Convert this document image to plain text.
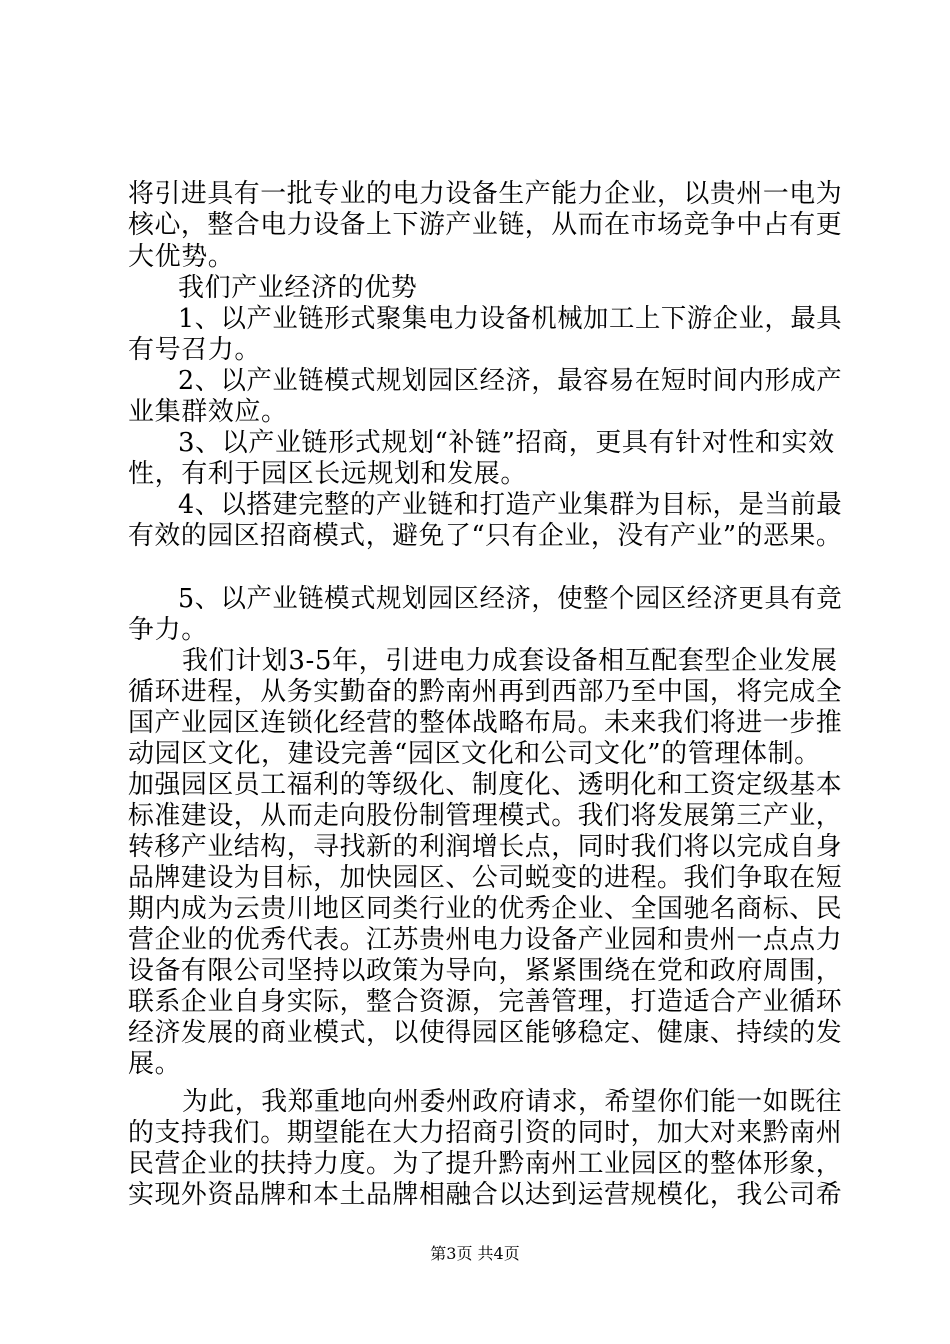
将引进具有一批专业的电力设备生产能力企业，以贵州一电为
核心，整合电力设备上下游产业链，从而在市场竞争中占有更
大优势。
我们产业经济的优势
1、以产业链形式聚集电力设备机械加工上下游企业，最具
有号召力。
2、以产业链模式规划园区经济，最容易在短时间内形成产
业集群效应。
3、以产业链形式规划“补链”招商，更具有针对性和实效
性，有利于园区长远规划和发展。
4、以搭建完整的产业链和打造产业集群为目标，是当前最
有效的园区招商模式，避免了“只有企业，没有产业”的恶果。
5、以产业链模式规划园区经济，使整个园区经济更具有竞
争力。
我们计划3-5年，引进电力成套设备相互配套型企业发展
循环进程，从务实勤奋的黔南州再到西部乃至中国，将完成全
国产业园区连锁化经营的整体战略布局。未来我们将进一步推
动园区文化，建设完善“园区文化和公司文化”的管理体制。
加强园区员工福利的等级化、制度化、透明化和工资定级基本
标准建设，从而走向股份制管理模式。我们将发展第三产业，
转移产业结构，寻找新的利润增长点，同时我们将以完成自身
品牌建设为目标，加快园区、公司蜕变的进程。我们争取在短
期内成为云贵川地区同类行业的优秀企业、全国驰名商标、民
营企业的优秀代表。江苏贵州电力设备产业园和贵州一点点力
设备有限公司坚持以政策为导向，紧紧围绕在党和政府周围，
联系企业自身实际，整合资源，完善管理，打造适合产业循环
经济发展的商业模式，以使得园区能够稳定、健康、持续的发
展。
为此，我郑重地向州委州政府请求，希望你们能一如既往
的支持我们。期望能在大力招商引资的同时，加大对来黔南州
民营企业的扶持力度。为了提升黔南州工业园区的整体形象，
实现外资品牌和本土品牌相融合以达到运营规模化，我公司希
第3页 共4页
